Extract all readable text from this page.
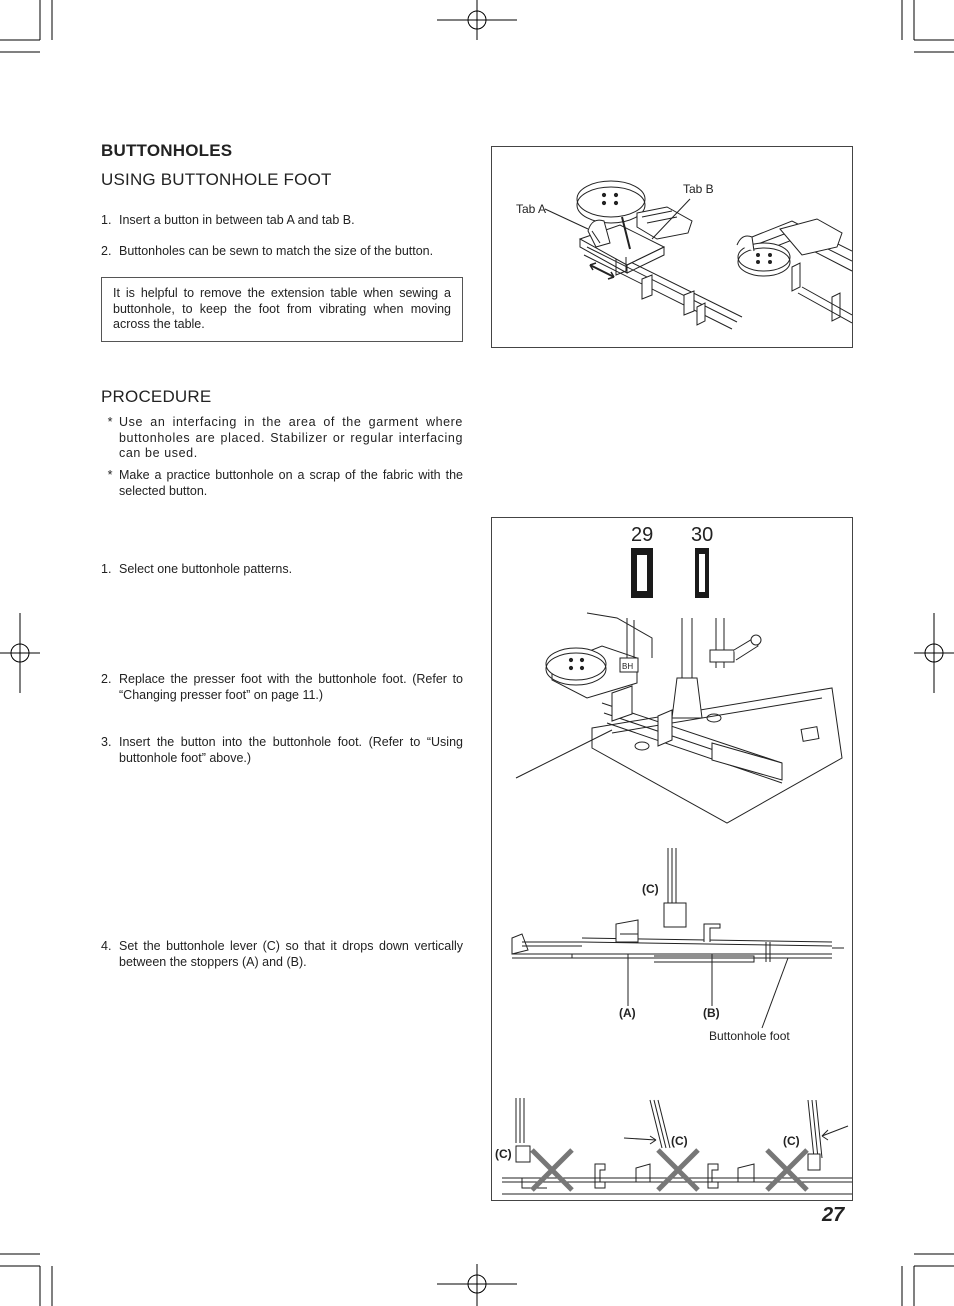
BUTTONHOLES
USING BUTTONHOLE FOOT
1. Insert a button in between tab A and tab B.
2. Buttonholes can be sewn to match the size of the button.
It is helpful to remove the extension table when sewing a buttonhole, to keep the foot from vibrating when moving across the table.
PROCEDURE
* Use an interfacing in the area of the garment where buttonholes are placed. Stabilizer or regular interfacing can be used.
* Make a practice buttonhole on a scrap of the fabric with the selected button.
1. Select one buttonhole patterns.
2. Replace the presser foot with the buttonhole foot. (Refer to “Changing presser foot” on page 11.)
3. Insert the button into the buttonhole foot. (Refer to “Using buttonhole foot” above.)
4. Set the buttonhole lever (C) so that it drops down vertically between the stoppers (A) and (B).
Tab A
Tab B
29 30
BH
(C)
(A)	(B)
Buttonhole foot
(C)
(C)	(C)
27
